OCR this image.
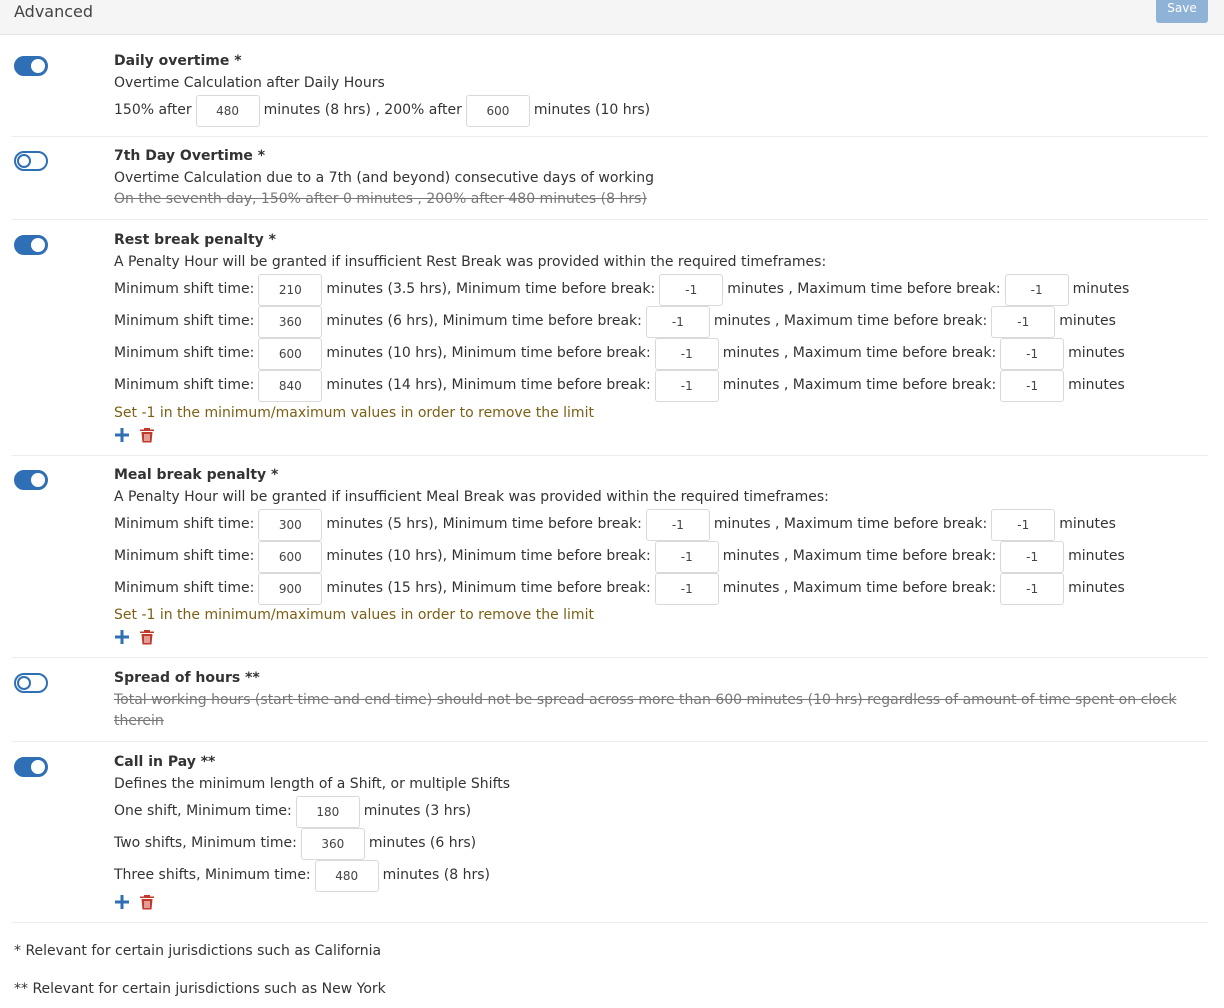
Advanced	Save
Daily overtime *
Overtime Calculation after Daily Hours
150% after
480	minutes (8 hrs) , 200% after
600	minutes (10 hrs)
7th Day Overtime *
Overtime Calculation due to a 7th (and beyond) consecutive days of working
On the seventh day, 150% after 0 minutes , 200% after 480 minutes (8 hrs)
Rest break penalty *
A Penalty Hour will be granted if insufficient Rest Break was provided within the required timeframes:
Minimum shift time:
210	minutes (3.5 hrs), Minimum time before break:
-1	minutes , Maximum time before break:
-1	minutes
Minimum shift time:
360	minutes (6 hrs), Minimum time before break:
-1	minutes , Maximum time before break:
-1	minutes
Minimum shift time:
600	minutes (10 hrs), Minimum time before break:
-1	minutes , Maximum time before break:
-1	minutes
Minimum shift time:
840	minutes (14 hrs), Minimum time before break:
-1	minutes , Maximum time before break:
-1	minutes
Set -1 in the minimum/maximum values in order to remove the limit
Meal break penalty *
A Penalty Hour will be granted if insufficient Meal Break was provided within the required timeframes:
Minimum shift time:
300	minutes (5 hrs), Minimum time before break:
-1	minutes , Maximum time before break:
-1	minutes
Minimum shift time:
600	minutes (10 hrs), Minimum time before break:
-1	minutes , Maximum time before break:
-1	minutes
Minimum shift time:
900	minutes (15 hrs), Minimum time before break:
-1	minutes , Maximum time before break:
-1	minutes
Set -1 in the minimum/maximum values in order to remove the limit
Spread of hours **
Total working hours (start time and end time) should not be spread across more than 600 minutes (10 hrs) regardless of amount of time spent on clock
therein
Call in Pay **
Defines the minimum length of a Shift, or multiple Shifts
One shift, Minimum time:
180	minutes (3 hrs)
Two shifts, Minimum time:
360	minutes (6 hrs)
Three shifts, Minimum time:
480	minutes (8 hrs)
* Relevant for certain jurisdictions such as California
** Relevant for certain jurisdictions such as New York
